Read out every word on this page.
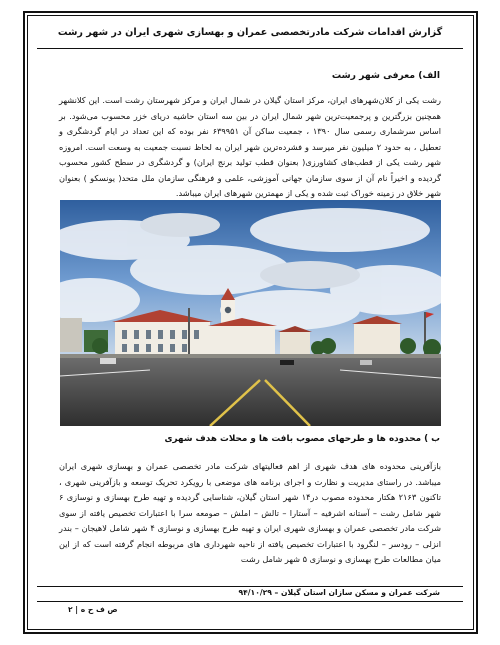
گزارش اقدامات شرکت مادرتخصصی عمران و بهسازی شهری ایران در شهر رشت
الف) معرفی شهر رشت
رشت یکی از کلان‌شهرهای ایران، مرکز استان گیلان در شمال ایران و مرکز شهرستان رشت است. این کلانشهر همچنین بزرگترین و پرجمعیت‌ترین شهر شمال ایران در بین سه استان حاشیه دریای خزر محسوب می‌شود. بر اساس سرشماری رسمی سال ۱۳۹۰ ، جمعیت ساکن آن ۶۳۹۹۵۱ نفر بوده که این تعداد در ایام گردشگری و تعطیل ، به حدود ۲ میلیون نفر میرسد و فشرده‌ترین شهر ایران به لحاظ نسبت جمعیت به وسعت است. امروزه شهر رشت یکی از قطب‌های کشاورزی( بعنوان قطب تولید برنج ایران) و گردشگری در سطح کشور محسوب گردیده و اخیراً نام آن از سوی سازمان جهانی آموزشی، علمی و فرهنگی سازمان ملل متحد( یونسکو ) بعنوان شهر خلاق در زمینه خوراک ثبت شده و یکی از مهمترین شهرهای ایران میباشد.
ب ) محدوده ها و طرحهای مصوب بافت ها و محلات هدف شهری
بازآفرینی محدوده های هدف شهری از اهم فعالیتهای شرکت مادر تخصصی عمران و بهسازی شهری ایران میباشد. در راستای مدیریت و نظارت و اجرای برنامه های موضعی با رویکرد تحریک توسعه و بازآفرینی شهری ، تاکنون ۲۱۶۳ هکتار محدوده مصوب در۱۴ شهر استان گیلان، شناسایی گردیده و تهیه طرح بهسازی و نوسازی ۶ شهر شامل رشت – آستانه اشرفیه – آستارا – تالش – املش – صومعه سرا با اعتبارات تخصیص یافته از سوی شرکت مادر تخصصی عمران و بهسازی شهری ایران و تهیه طرح بهسازی و نوسازی ۴ شهر شامل لاهیجان – بندر انزلی – رودسر – لنگرود با اعتبارات تخصیص یافته از ناحیه شهرداری های مربوطه انجام گرفته است که از این میان مطالعات طرح بهسازی و نوسازی ۵ شهر شامل رشت
شرکت عمران و مسکن سازان استان گیلان – ۹۴/۱۰/۲۹
ص ف ح ه | ۲
